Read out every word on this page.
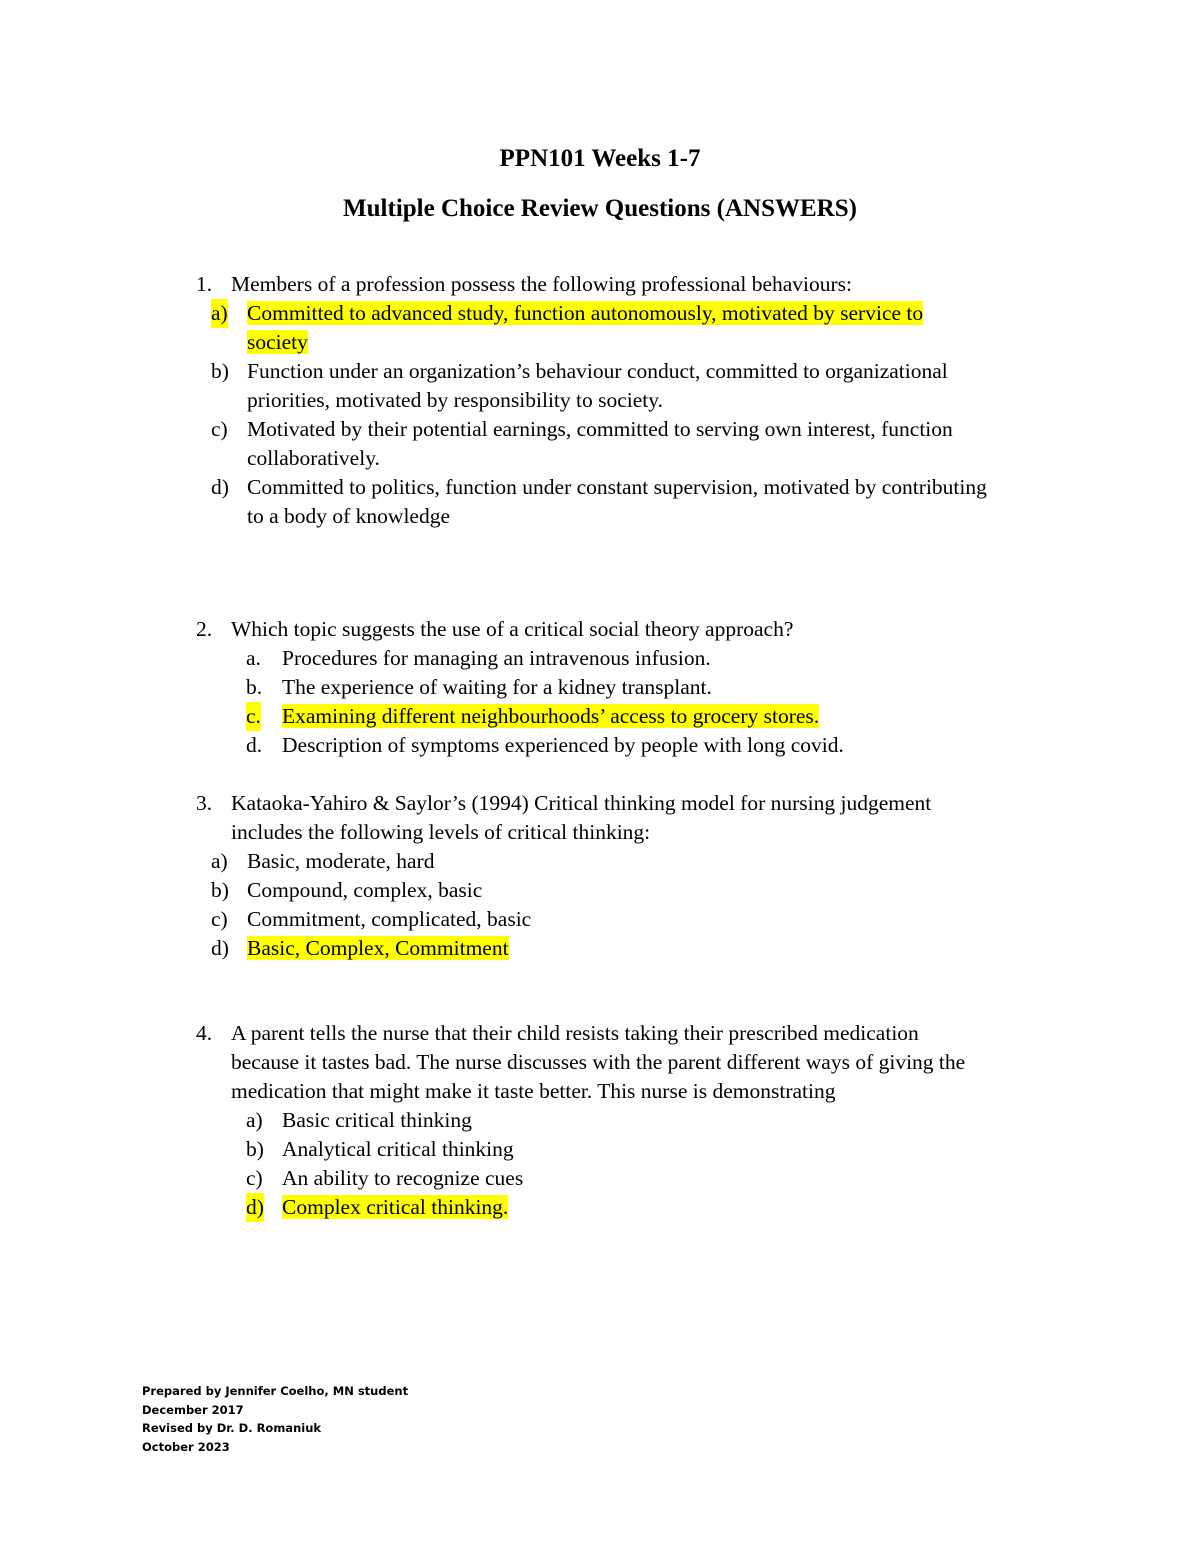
PPN101 Weeks 1-7
Multiple Choice Review Questions (ANSWERS)
1. Members of a profession possess the following professional behaviours:
a) Committed to advanced study, function autonomously, motivated by service to
society
b) Function under an organization’s behaviour conduct, committed to organizational
priorities, motivated by responsibility to society.
c) Motivated by their potential earnings, committed to serving own interest, function
collaboratively.
d) Committed to politics, function under constant supervision, motivated by contributing
to a body of knowledge
2. Which topic suggests the use of a critical social theory approach?
a. Procedures for managing an intravenous infusion.
b. The experience of waiting for a kidney transplant.
c. Examining different neighbourhoods’ access to grocery stores.
d. Description of symptoms experienced by people with long covid.
3. Kataoka-Yahiro & Saylor’s (1994) Critical thinking model for nursing judgement
includes the following levels of critical thinking:
a) Basic, moderate, hard
b) Compound, complex, basic
c) Commitment, complicated, basic
d) Basic, Complex, Commitment
4. A parent tells the nurse that their child resists taking their prescribed medication
because it tastes bad. The nurse discusses with the parent different ways of giving the
medication that might make it taste better. This nurse is demonstrating
a) Basic critical thinking
b) Analytical critical thinking
c) An ability to recognize cues
d) Complex critical thinking.
Prepared by Jennifer Coelho, MN student
December 2017
Revised by Dr. D. Romaniuk
October 2023
